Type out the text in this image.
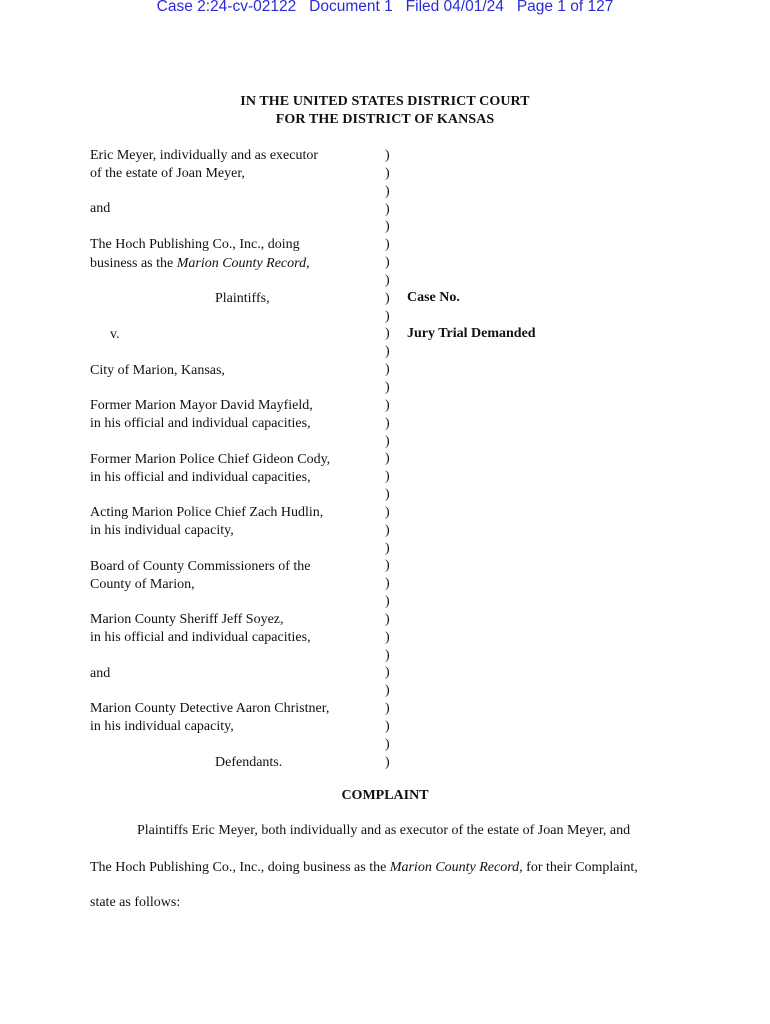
Case 2:24-cv-02122 Document 1 Filed 04/01/24 Page 1 of 127
IN THE UNITED STATES DISTRICT COURT
FOR THE DISTRICT OF KANSAS
Eric Meyer, individually and as executor
of the estate of Joan Meyer,
and
The Hoch Publishing Co., Inc., doing
business as the Marion County Record,
Plaintiffs,
v.
City of Marion, Kansas,
Former Marion Mayor David Mayfield,
in his official and individual capacities,
Former Marion Police Chief Gideon Cody,
in his official and individual capacities,
Acting Marion Police Chief Zach Hudlin,
in his individual capacity,
Board of County Commissioners of the
County of Marion,
Marion County Sheriff Jeff Soyez,
in his official and individual capacities,
and
Marion County Detective Aaron Christner,
in his individual capacity,
Defendants.
)
)
)
)
)
)
)
)
)
)
)
)
)
)
)
)
)
)
)
)
)
)
)
)
)
)
)
)
)
)
)
)
)
)
)
Case No.
Jury Trial Demanded
COMPLAINT
Plaintiffs Eric Meyer, both individually and as executor of the estate of Joan Meyer, and
The Hoch Publishing Co., Inc., doing business as the Marion County Record, for their Complaint,
state as follows:
